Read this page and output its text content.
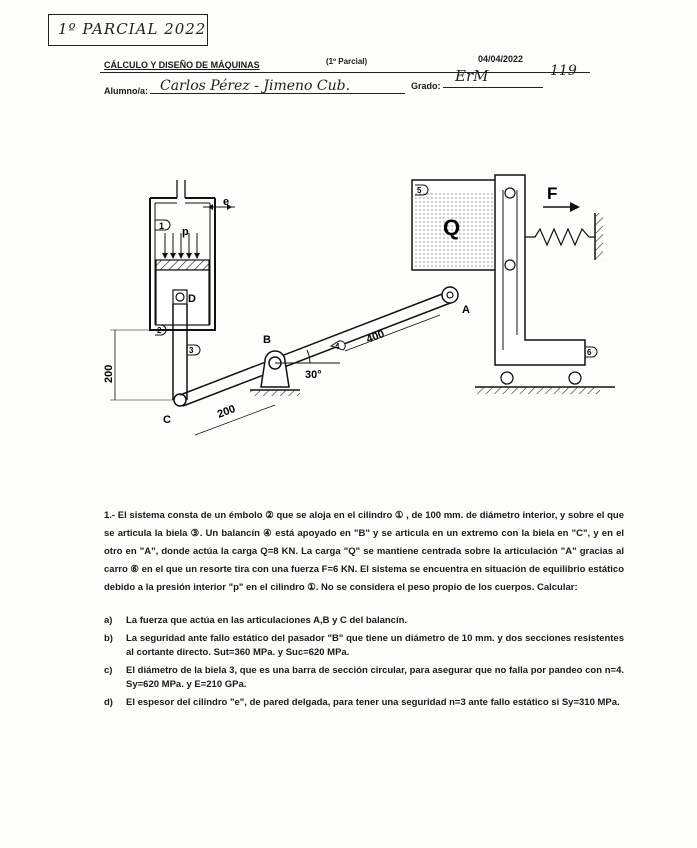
1º PARCIAL 2022
CÁLCULO Y DISEÑO DE MÁQUINAS	(1º Parcial)	04/04/2022
Alumno/a: Carlos Pérez - Jimeno Cub.	Grado:
ErM	119
1 p
e
D
2
3	4
5
6
Q
F
A
B
C
30°
200
200
400
1.- El sistema consta de un émbolo ② que se aloja en el cilindro ① , de 100 mm. de diámetro interior, y sobre el que se articula la biela ③. Un balancín ④ está apoyado en "B" y se articula en un extremo con la biela en "C", y en el otro en "A", donde actúa la carga Q=8 KN. La carga "Q" se mantiene centrada sobre la articulación "A" gracias al carro ⑥ en el que un resorte tira con una fuerza F=6 KN. El sistema se encuentra en situación de equilibrio estático debido a la presión interior "p" en el cilindro ①. No se considera el peso propio de los cuerpos. Calcular:
a) La fuerza que actúa en las articulaciones A,B y C del balancín.
b) La seguridad ante fallo estático del pasador "B" que tiene un diámetro de 10 mm. y dos secciones resistentes al cortante directo. Sut=360 MPa. y Suc=620 MPa.
c) El diámetro de la biela 3, que es una barra de sección circular, para asegurar que no falla por pandeo con n=4. Sy=620 MPa. y E=210 GPa.
d) El espesor del cilindro "e", de pared delgada, para tener una seguridad n=3 ante fallo estático si Sy=310 MPa.
